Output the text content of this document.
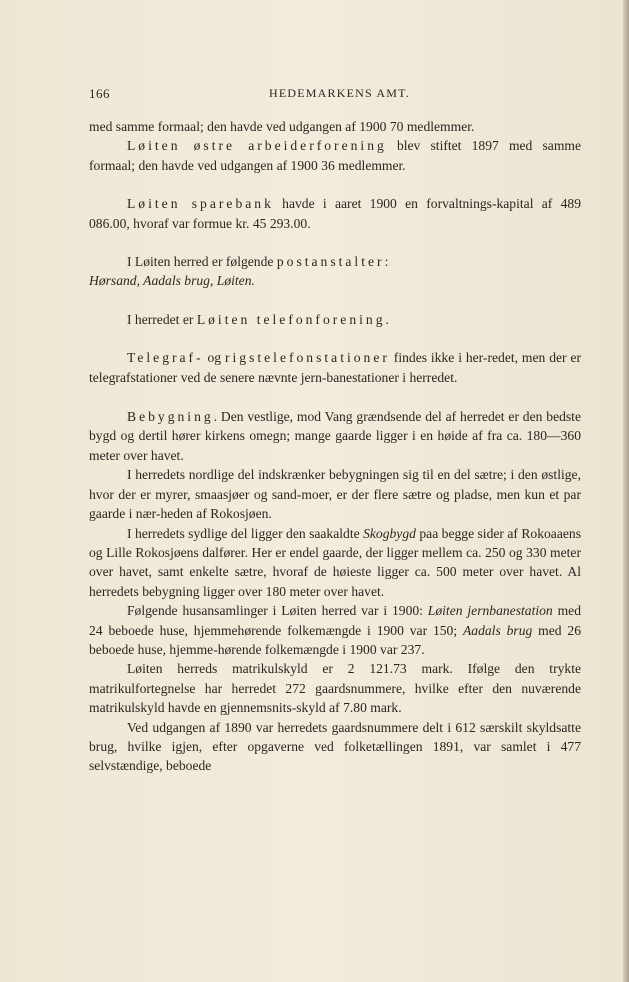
166	HEDEMARKENS AMT.

med samme formaal; den havde ved udgangen af 1900 70 medlemmer.

Løiten østre arbeiderforening blev stiftet 1897 med samme formaal; den havde ved udgangen af 1900 36 medlemmer.

Løiten sparebank havde i aaret 1900 en forvaltnings-kapital af 489 086.00, hvoraf var formue kr. 45 293.00.

I Løiten herred er følgende postanstalter:
Hørsand, Aadals brug, Løiten.

I herredet er Løiten telefonforening.

Telegraf- og rigstelefonstationer findes ikke i her-redet, men der er telegrafstationer ved de senere nævnte jern-banestationer i herredet.

Bebygning. Den vestlige, mod Vang grændsende del af herredet er den bedste bygd og dertil hører kirkens omegn; mange gaarde ligger i en høide af fra ca. 180—360 meter over havet.

I herredets nordlige del indskrænker bebygningen sig til en del sætre; i den østlige, hvor der er myrer, smaasjøer og sand-moer, er der flere sætre og pladse, men kun et par gaarde i nær-heden af Rokosjøen.

I herredets sydlige del ligger den saakaldte Skogbygd paa begge sider af Rokoaaens og Lille Rokosjøens dalfører. Her er endel gaarde, der ligger mellem ca. 250 og 330 meter over havet, samt enkelte sætre, hvoraf de høieste ligger ca. 500 meter over havet. Al herredets bebygning ligger over 180 meter over havet.

Følgende husansamlinger i Løiten herred var i 1900: Løiten jernbanestation med 24 beboede huse, hjemmehørende folkemængde i 1900 var 150; Aadals brug med 26 beboede huse, hjemme-hørende folkemængde i 1900 var 237.

Løiten herreds matrikulskyld er 2 121.73 mark. Ifølge den trykte matrikulfortegnelse har herredet 272 gaardsnummere, hvilke efter den nuværende matrikulskyld havde en gjennemsnits-skyld af 7.80 mark.

Ved udgangen af 1890 var herredets gaardsnummere delt i 612 særskilt skyldsatte brug, hvilke igjen, efter opgaverne ved folketællingen 1891, var samlet i 477 selvstændige, beboede
